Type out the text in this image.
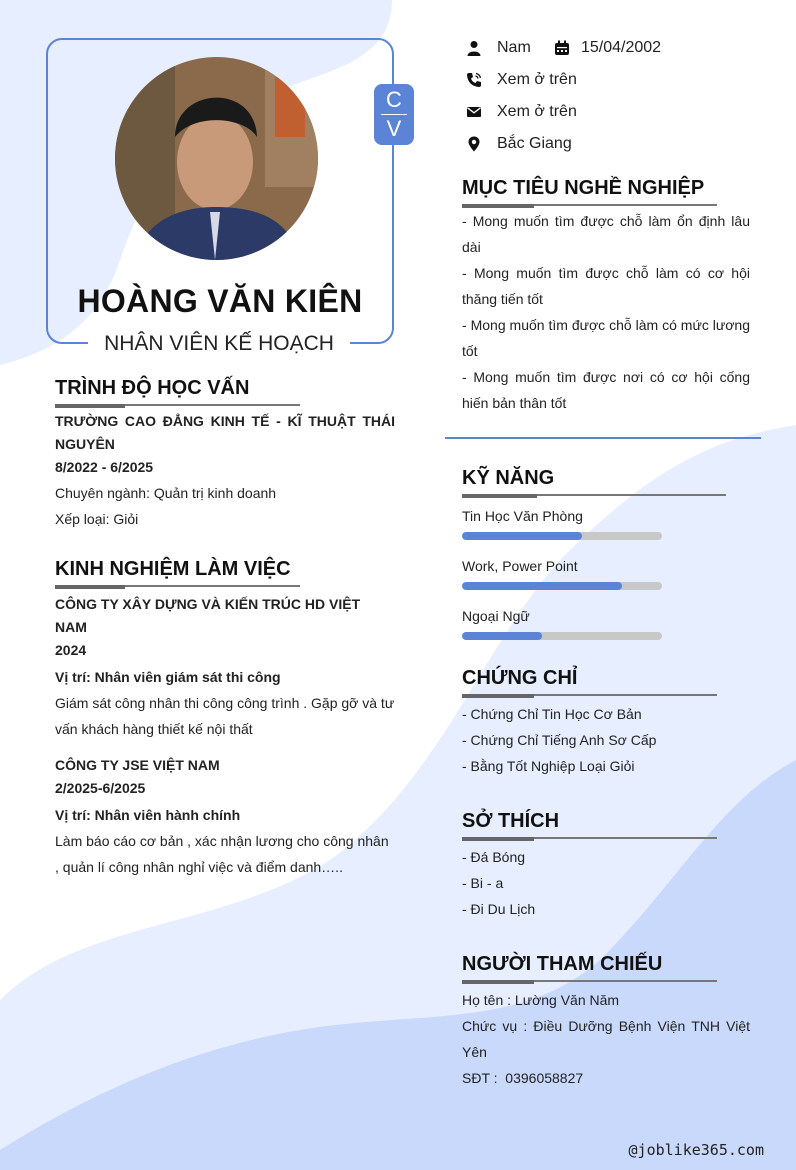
C
V
HOÀNG VĂN KIÊN
NHÂN VIÊN KẾ HOẠCH
Nam	15/04/2002
Xem ở trên
Xem ở trên
Bắc Giang
TRÌNH ĐỘ HỌC VẤN
TRƯỜNG CAO ĐẲNG KINH TẾ - KĨ THUẬT THÁI NGUYÊN
8/2022 - 6/2025
Chuyên ngành: Quản trị kinh doanh
Xếp loại: Giỏi
KINH NGHIỆM LÀM VIỆC
CÔNG TY XÂY DỰNG VÀ KIẾN TRÚC HD VIỆT NAM
2024
Vị trí: Nhân viên giám sát thi công
Giám sát công nhân thi công công trình . Gặp gỡ và tư vấn khách hàng thiết kế nội thất
CÔNG TY JSE VIỆT NAM
2/2025-6/2025
Vị trí: Nhân viên hành chính
Làm báo cáo cơ bản , xác nhận lương cho công nhân , quản lí công nhân nghỉ việc và điểm danh…..
MỤC TIÊU NGHỀ NGHIỆP
- Mong muốn tìm được chỗ làm ổn định lâu dài
- Mong muốn tìm được chỗ làm có cơ hội thăng tiến tốt
- Mong muốn tìm được chỗ làm có mức lương tốt
- Mong muốn tìm được nơi có cơ hội cống hiến bản thân tốt
KỸ NĂNG
Tin Học Văn Phòng
Work, Power Point
Ngoại Ngữ
CHỨNG CHỈ
- Chứng Chỉ Tin Học Cơ Bản
- Chứng Chỉ Tiếng Anh Sơ Cấp
- Bằng Tốt Nghiệp Loại Giỏi
SỞ THÍCH
- Đá Bóng
- Bi - a
- Đi Du Lịch
NGƯỜI THAM CHIẾU
Họ tên : Lường Văn Năm
Chức vụ : Điều Dưỡng Bệnh Viện TNH Việt Yên
SĐT :  0396058827
@joblike365.com
